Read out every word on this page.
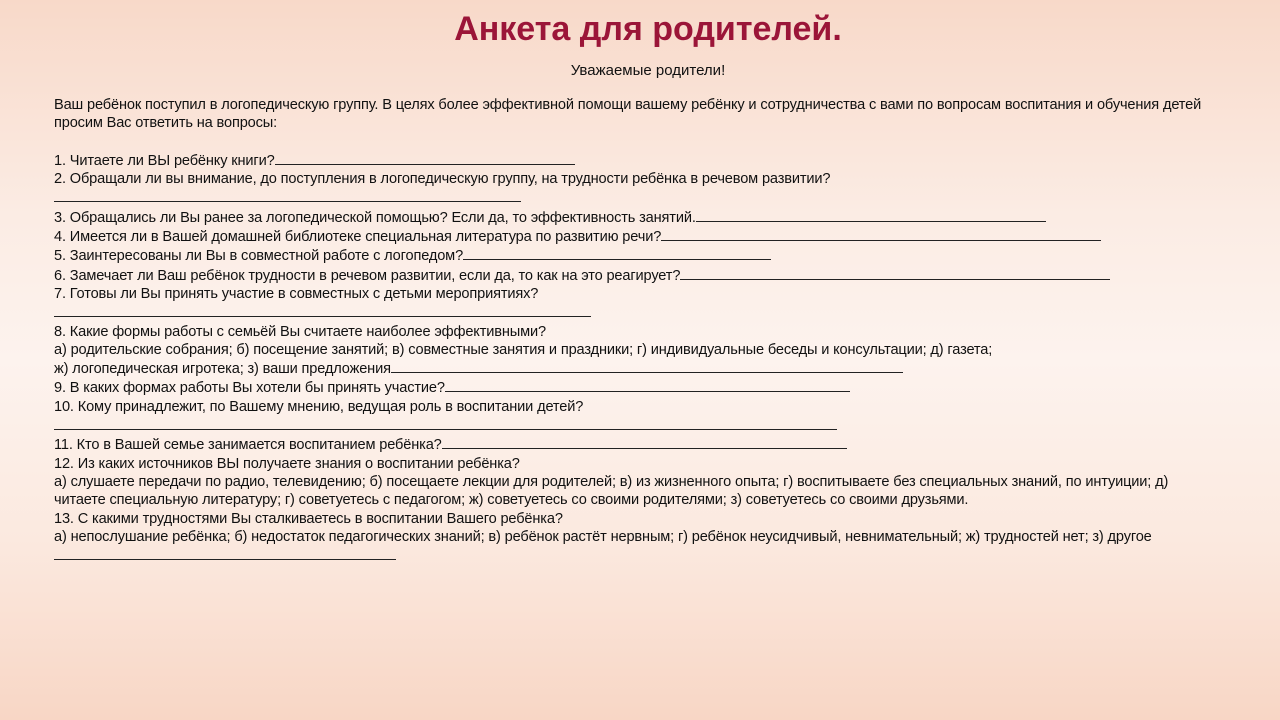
Анкета для родителей.
Уважаемые родители!

Ваш ребёнок поступил в логопедическую группу. В целях более эффективной помощи вашему ребёнку и сотрудничества с вами по вопросам воспитания и обучения детей просим Вас ответить на вопросы:

1. Читаете ли ВЫ ребёнку книги?

2. Обращали ли вы внимание, до поступления в логопедическую группу, на трудности ребёнка в речевом развитии?

3. Обращались ли Вы ранее за логопедической помощью? Если да, то эффективность занятий.

4. Имеется ли в Вашей домашней библиотеке специальная литература по развитию речи?

5. Заинтересованы ли Вы в совместной работе с логопедом?

6. Замечает ли Ваш ребёнок трудности в речевом развитии, если да, то как на это реагирует?

7. Готовы ли Вы принять участие в совместных с детьми мероприятиях?

8. Какие формы работы с семьёй Вы считаете наиболее эффективными?

а) родительские собрания; б) посещение занятий; в) совместные занятия и праздники; г) индивидуальные беседы и консультации; д) газета;

ж) логопедическая игротека; з) ваши предложения

9. В каких формах работы Вы хотели бы принять участие?

10. Кому принадлежит, по Вашему мнению, ведущая роль в воспитании детей?

11. Кто в Вашей семье занимается воспитанием ребёнка?

12. Из каких источников ВЫ получаете знания о воспитании ребёнка?

а) слушаете передачи по радио, телевидению; б) посещаете лекции для родителей; в) из жизненного опыта; г) воспитываете без специальных знаний, по интуиции; д) читаете специальную литературу; г) советуетесь с педагогом; ж) советуетесь со своими родителями; з) советуетесь со своими друзьями.

13. С какими трудностями Вы сталкиваетесь в воспитании Вашего ребёнка?

а) непослушание ребёнка; б) недостаток педагогических знаний; в) ребёнок растёт нервным; г) ребёнок неусидчивый, невнимательный; ж) трудностей нет; з) другое
